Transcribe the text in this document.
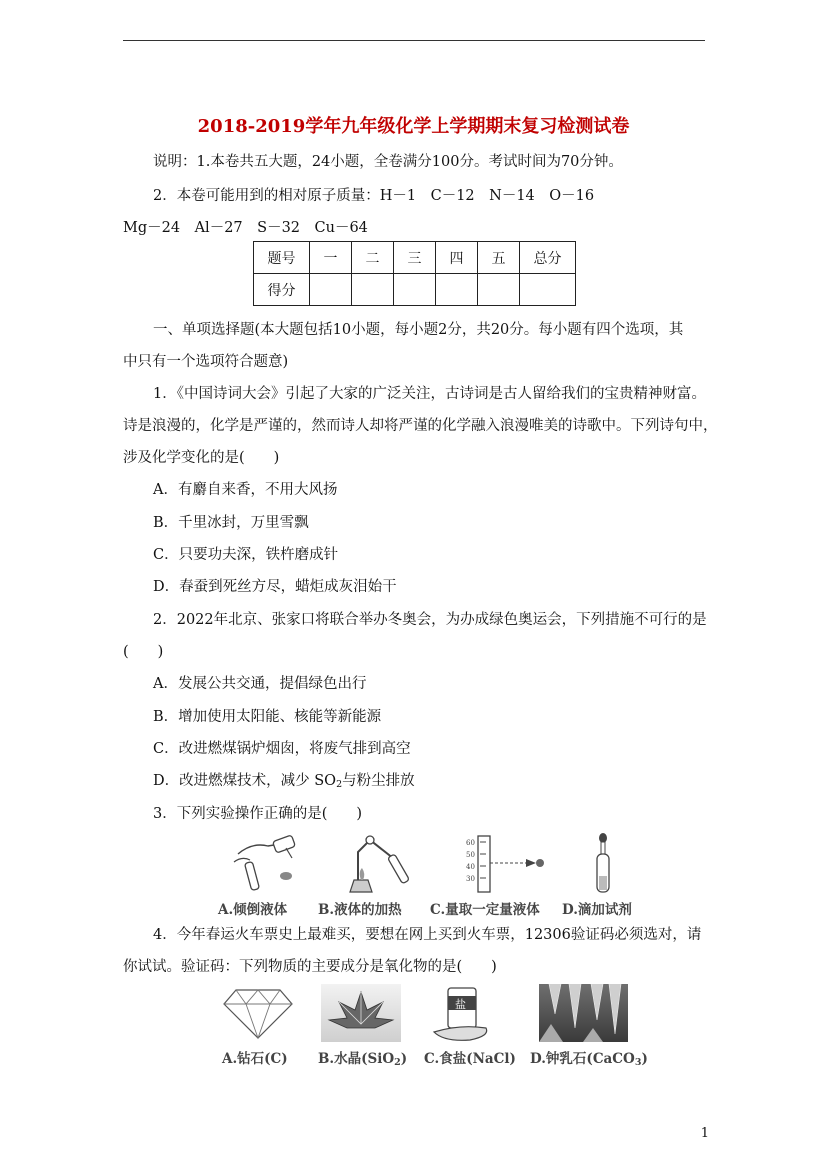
2018-2019学年九年级化学上学期期末复习检测试卷
说明：1.本卷共五大题，24小题，全卷满分100分。考试时间为70分钟。
2．本卷可能用到的相对原子质量：H－1　C－12　N－14　O－16
Mg－24　Al－27　S－32　Cu－64
题号	一	二	三	四	五	总分
得分						
一、单项选择题(本大题包括10小题，每小题2分，共20分。每小题有四个选项，其
中只有一个选项符合题意)
1．《中国诗词大会》引起了大家的广泛关注，古诗词是古人留给我们的宝贵精神财富。
诗是浪漫的，化学是严谨的，然而诗人却将严谨的化学融入浪漫唯美的诗歌中。下列诗句中，
涉及化学变化的是(　　)
A．有麝自来香，不用大风扬
B．千里冰封，万里雪飘
C．只要功夫深，铁杵磨成针
D．春蚕到死丝方尽，蜡炬成灰泪始干
2．2022年北京、张家口将联合举办冬奥会，为办成绿色奥运会，下列措施不可行的是
(　　)
A．发展公共交通，提倡绿色出行
B．增加使用太阳能、核能等新能源
C．改进燃煤锅炉烟囱，将废气排到高空
D．改进燃煤技术，减少 $SO_2$与粉尘排放
3．下列实验操作正确的是(　　)
60
50
40
30
A.倾倒液体 B.液体的加热 C.量取一定量液体 D.滴加试剂
4．今年春运火车票史上最难买，要想在网上买到火车票，12306验证码必须选对，请
你试试。验证码：下列物质的主要成分是氧化物的是(　　)
盐
A.钻石(C) B.水晶(SiO$_2$) C.食盐(NaCl) D.钟乳石(CaCO$_3$)
1
